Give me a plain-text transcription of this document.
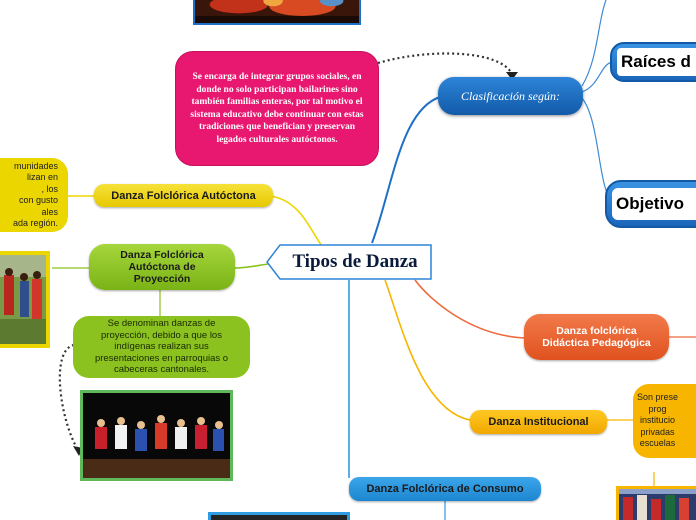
Se encarga de integrar grupos sociales, en donde no solo participan bailarines sino también familias enteras, por tal motivo el sistema educativo debe continuar con estas tradiciones que benefician y preservan legados culturales autóctonos.
Clasificación según:
Raíces d
Objetivo
munidades
lizan en
, los
con gusto
ales
ada región.
Danza Folclórica Autóctona
Danza Folclórica Autóctona de Proyección
Se denominan danzas de proyección, debido a que los indígenas realizan sus presentaciones en parroquias o cabeceras cantonales.
Tipos de Danza
Danza folclórica Didáctica Pedagógica
Danza Institucional
Son prese
prog
institucio
privadas
escuelas

Danza Folclórica de Consumo
